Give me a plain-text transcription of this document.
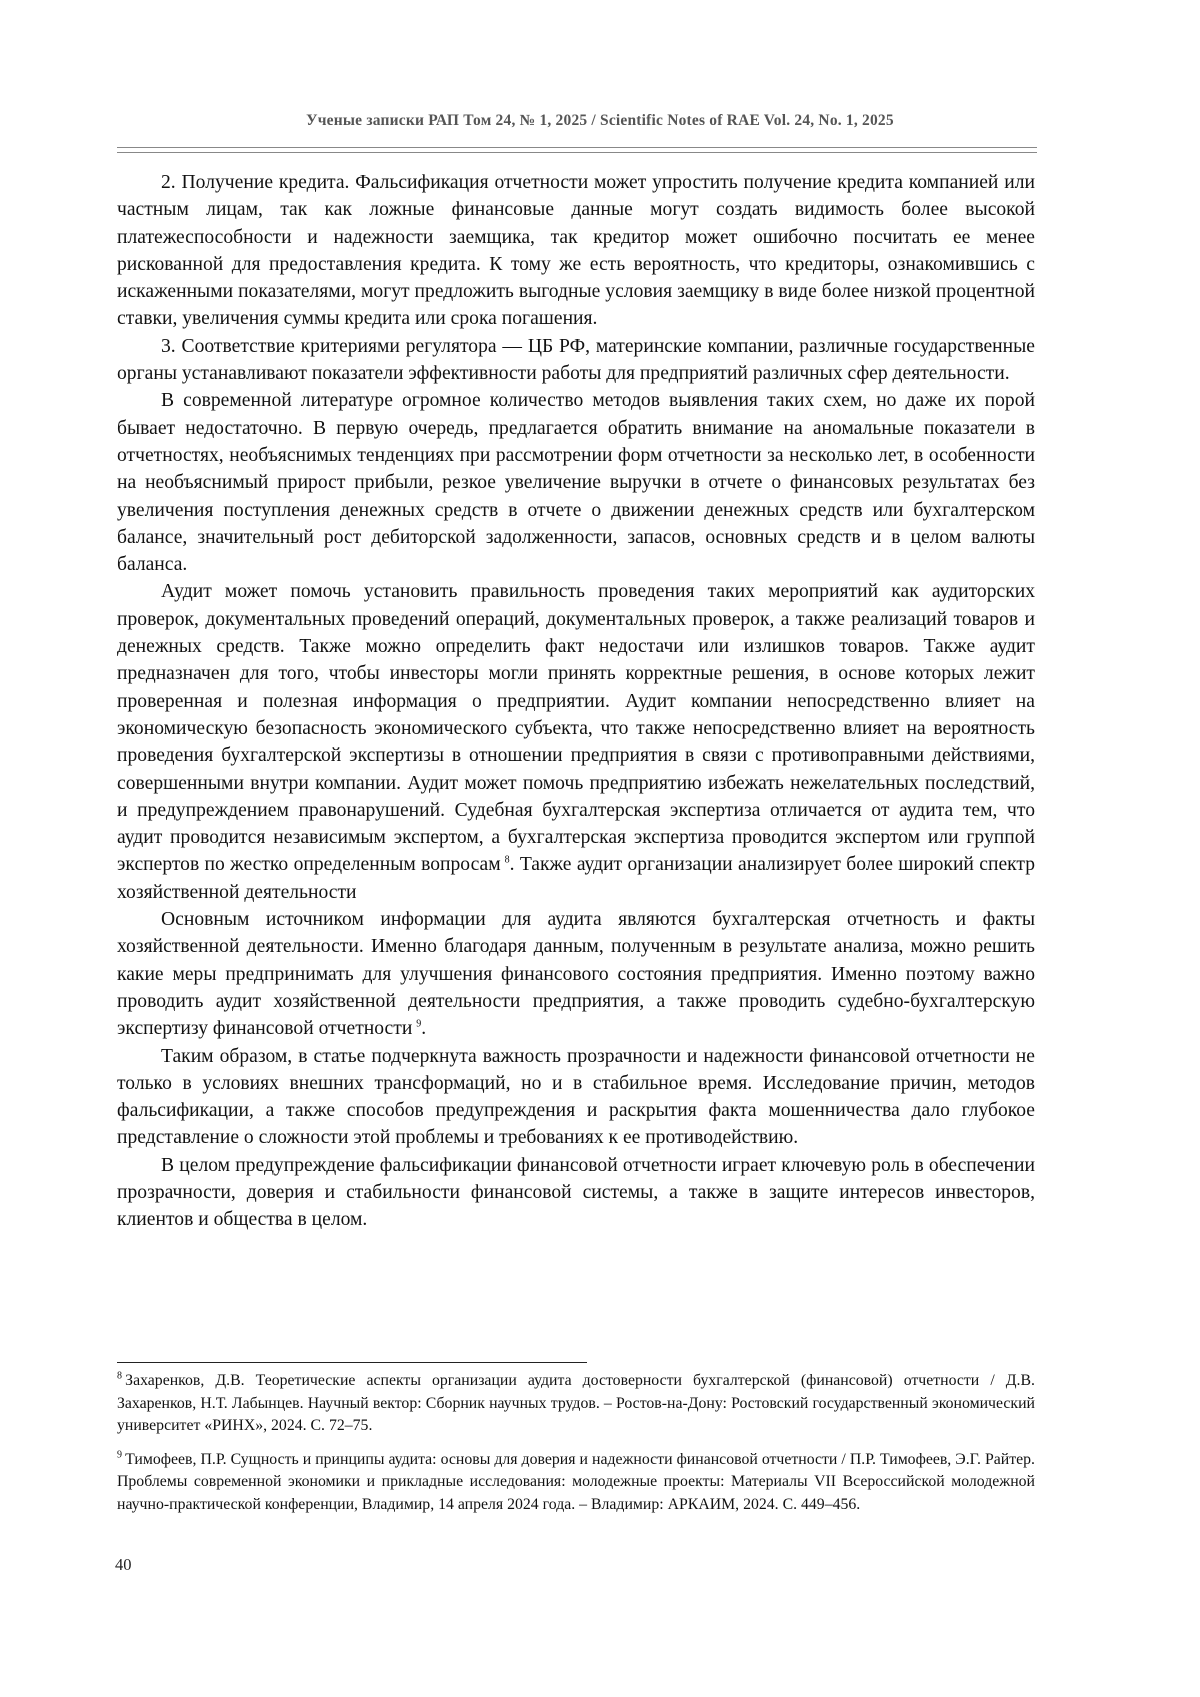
Ученые записки РАП Том 24, № 1, 2025 / Scientific Notes of RAE Vol. 24, No. 1, 2025

2. Получение кредита. Фальсификация отчетности может упростить получение кредита компанией или частным лицам, так как ложные финансовые данные могут создать видимость более высокой платежеспособности и надежности заемщика, так кредитор может ошибочно посчитать ее менее рискованной для предоставления кредита. К тому же есть вероятность, что кредиторы, ознакомившись с искаженными показателями, могут предложить выгодные условия заемщику в виде более низкой процентной ставки, увеличения суммы кредита или срока погашения.

3. Соответствие критериями регулятора — ЦБ РФ, материнские компании, различные государственные органы устанавливают показатели эффективности работы для предприятий различных сфер деятельности.

В современной литературе огромное количество методов выявления таких схем, но даже их порой бывает недостаточно. В первую очередь, предлагается обратить внимание на аномальные показатели в отчетностях, необъяснимых тенденциях при рассмотрении форм отчетности за несколько лет, в особенности на необъяснимый прирост прибыли, резкое увеличение выручки в отчете о финансовых результатах без увеличения поступления денежных средств в отчете о движении денежных средств или бухгалтерском балансе, значительный рост дебиторской задолженности, запасов, основных средств и в целом валюты баланса.

Аудит может помочь установить правильность проведения таких мероприятий как аудиторских проверок, документальных проведений операций, документальных проверок, а также реализаций товаров и денежных средств. Также можно определить факт недостачи или излишков товаров. Также аудит предназначен для того, чтобы инвесторы могли принять корректные решения, в основе которых лежит проверенная и полезная информация о предприятии. Аудит компании непосредственно влияет на экономическую безопасность экономического субъекта, что также непосредственно влияет на вероятность проведения бухгалтерской экспертизы в отношении предприятия в связи с противоправными действиями, совершенными внутри компании. Аудит может помочь предприятию избежать нежелательных последствий, и предупреждением правонарушений. Судебная бухгалтерская экспертиза отличается от аудита тем, что аудит проводится независимым экспертом, а бухгалтерская экспертиза проводится экспертом или группой экспертов по жестко определенным вопросам  $^8$. Также аудит организации анализирует более широкий спектр хозяйственной деятельности

Основным источником информации для аудита являются бухгалтерская отчетность и факты хозяйственной деятельности. Именно благодаря данным, полученным в результате анализа, можно решить какие меры предпринимать для улучшения финансового состояния предприятия. Именно поэтому важно проводить аудит хозяйственной деятельности предприятия, а также проводить судебно-бухгалтерскую экспертизу финансовой отчетности  $^9$.

Таким образом, в статье подчеркнута важность прозрачности и надежности финансовой отчетности не только в условиях внешних трансформаций, но и в стабильное время. Исследование причин, методов фальсификации, а также способов предупреждения и раскрытия факта мошенничества дало глубокое представление о сложности этой проблемы и требованиях к ее противодействию.

В целом предупреждение фальсификации финансовой отчетности играет ключевую роль в обеспечении прозрачности, доверия и стабильности финансовой системы, а также в защите интересов инвесторов, клиентов и общества в целом.

$^8$  Захаренков, Д.В. Теоретические аспекты организации аудита достоверности бухгалтерской (финансовой) отчетности / Д.В. Захаренков, Н.Т. Лабынцев. Научный вектор: Сборник научных трудов. – Ростов-на-Дону: Ростовский государственный экономический университет «РИНХ», 2024. С. 72–75.

$^9$  Тимофеев, П.Р. Сущность и принципы аудита: основы для доверия и надежности финансовой отчетности / П.Р. Тимофеев, Э.Г. Райтер. Проблемы современной экономики и прикладные исследования: молодежные проекты: Материалы VII Всероссийской молодежной научно-практической конференции, Владимир, 14 апреля 2024 года. – Владимир: АРКАИМ, 2024. С. 449–456.

40
